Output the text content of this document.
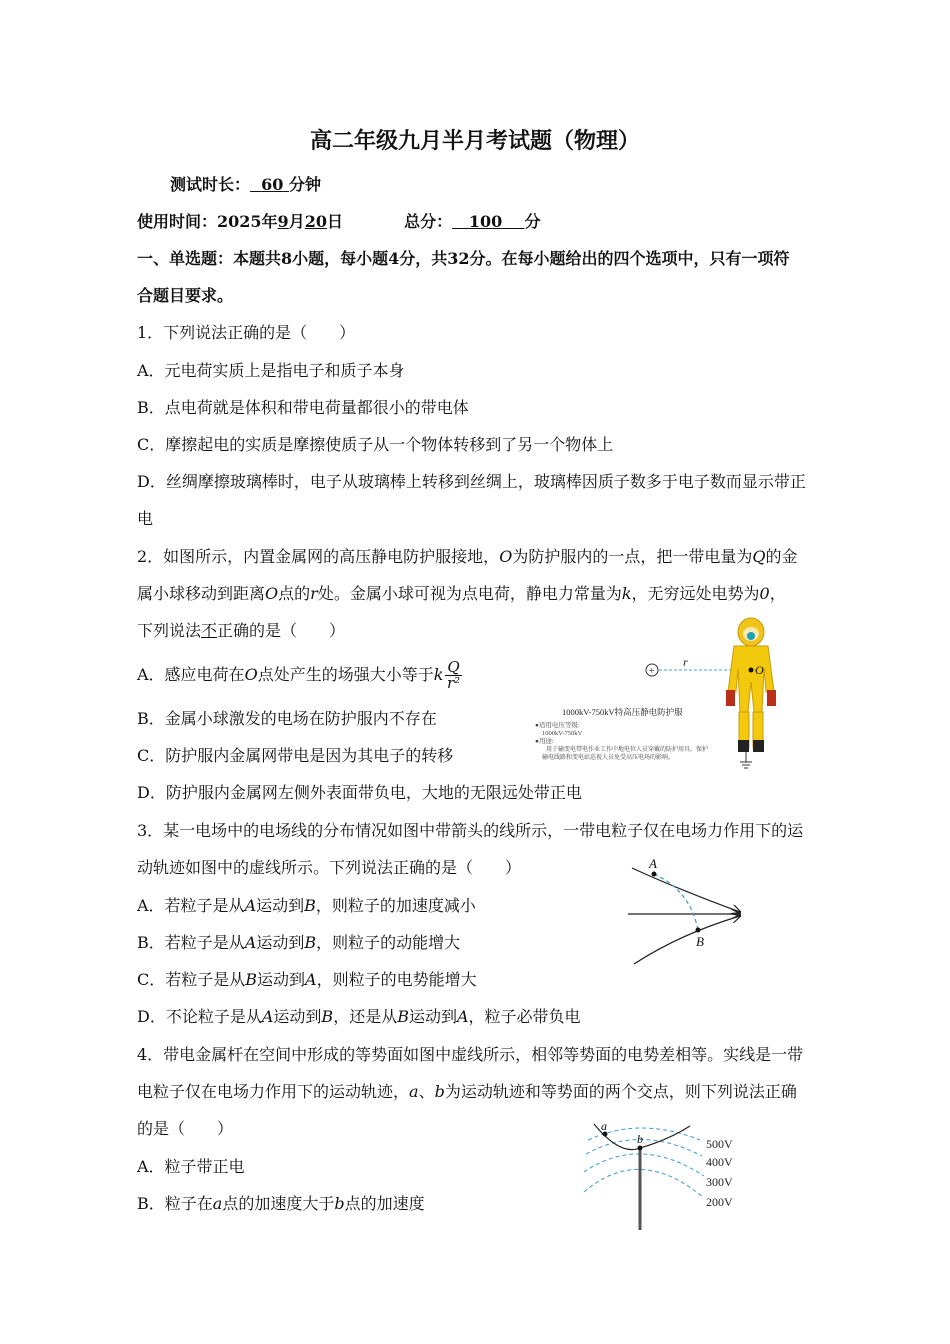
高二年级九月半月考试题（物理）
测试时长： 60 分钟
使用时间：2025年9月20日	总分： 100 分
一、单选题：本题共8小题，每小题4分，共32分。在每小题给出的四个选项中，只有一项符
合题目要求。
1．下列说法正确的是（　　）
A．元电荷实质上是指电子和质子本身
B．点电荷就是体积和带电荷量都很小的带电体
C．摩擦起电的实质是摩擦使质子从一个物体转移到了另一个物体上
D．丝绸摩擦玻璃棒时，电子从玻璃棒上转移到丝绸上，玻璃棒因质子数多于电子数而显示带正
电
2．如图所示，内置金属网的高压静电防护服接地，O为防护服内的一点，把一带电量为Q的金
属小球移动到距离O点的r处。金属小球可视为点电荷，静电力常量为k，无穷远处电势为0，
下列说法不正确的是（　　）
A．感应电荷在O点处产生的场强大小等于k $\frac{Q}{\text{r²}}$
B．金属小球激发的电场在防护服内不存在
C．防护服内金属网带电是因为其电子的转移
D．防护服内金属网左侧外表面带负电，大地的无限远处带正电
+
r
O
1000kV-750kV特高压静电防护服
●适用电压等级:
1000kV-750kV
●用途:
用于输变电带电作业工作中地电位人员穿戴的防护用具，保护
输电线路和变电站巡视人员免受高压电场的影响。
3．某一电场中的电场线的分布情况如图中带箭头的线所示，一带电粒子仅在电场力作用下的运
动轨迹如图中的虚线所示。下列说法正确的是（　　）
A．若粒子是从A运动到B，则粒子的加速度减小
B．若粒子是从A运动到B，则粒子的动能增大
C．若粒子是从B运动到A，则粒子的电势能增大
D．不论粒子是从A运动到B，还是从B运动到A，粒子必带负电
A
B
4．带电金属杆在空间中形成的等势面如图中虚线所示，相邻等势面的电势差相等。实线是一带
电粒子仅在电场力作用下的运动轨迹，a、b为运动轨迹和等势面的两个交点，则下列说法正确
的是（　　）
A．粒子带正电
B．粒子在a点的加速度大于b点的加速度
a
b	500V
400V
300V
200V
